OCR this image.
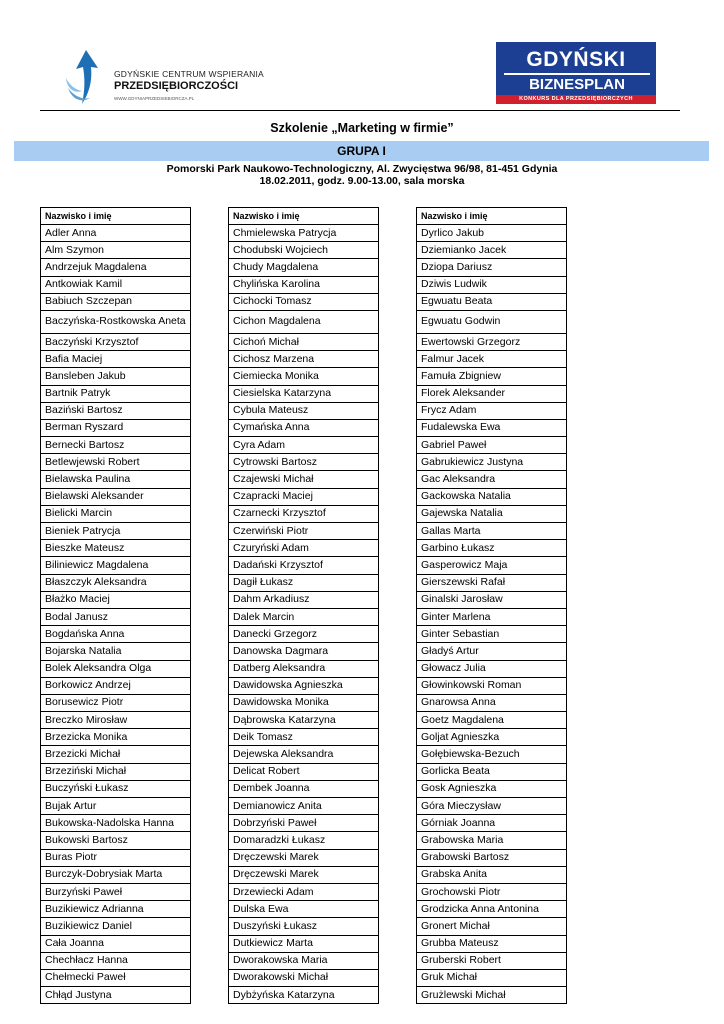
GDYŃSKIE CENTRUM WSPIERANIA
PRZEDSIĘBIORCZOŚCI
WWW.GDYNIAPRZEDSIEBIORCZA.PL
GDYŃSKI
BIZNESPLAN
KONKURS DLA PRZEDSIĘBIORCZYCH
Szkolenie „Marketing w firmie”
GRUPA I
Pomorski Park Naukowo-Technologiczny, Al. Zwycięstwa 96/98, 81-451 Gdynia
18.02.2011, godz. 9.00-13.00, sala morska
Nazwisko i imię
Adler Anna
Alm Szymon
Andrzejuk Magdalena
Antkowiak Kamil
Babiuch Szczepan
Baczyńska-Rostkowska Aneta
Baczyński Krzysztof
Bafia Maciej
Bansleben Jakub
Bartnik Patryk
Baziński Bartosz
Berman Ryszard
Bernecki Bartosz
Betlewjewski Robert
Bielawska Paulina
Bielawski Aleksander
Bielicki Marcin
Bieniek Patrycja
Bieszke Mateusz
Biliniewicz Magdalena
Błaszczyk Aleksandra
Błażko Maciej
Bodal Janusz
Bogdańska Anna
Bojarska Natalia
Bolek Aleksandra Olga
Borkowicz Andrzej
Borusewicz Piotr
Breczko Mirosław
Brzezicka Monika
Brzezicki Michał
Brzeziński Michał
Buczyński Łukasz
Bujak Artur
Bukowska-Nadolska Hanna
Bukowski Bartosz
Buras Piotr
Burczyk-Dobrysiak Marta
Burzyński Paweł
Buzikiewicz Adrianna
Buzikiewicz Daniel
Cała Joanna
Chechłacz Hanna
Chełmecki Paweł
Chłąd Justyna
Nazwisko i imię
Chmielewska Patrycja
Chodubski Wojciech
Chudy Magdalena
Chylińska Karolina
Cichocki Tomasz
Cichon Magdalena
Cichoń Michał
Cichosz Marzena
Ciemiecka Monika
Ciesielska Katarzyna
Cybula Mateusz
Cymańska Anna
Cyra Adam
Cytrowski Bartosz
Czajewski Michał
Czapracki Maciej
Czarnecki Krzysztof
Czerwiński Piotr
Czuryński Adam
Dadański Krzysztof
Dagił Łukasz
Dahm Arkadiusz
Dalek Marcin
Danecki Grzegorz
Danowska Dagmara
Datberg Aleksandra
Dawidowska Agnieszka
Dawidowska Monika
Dąbrowska Katarzyna
Deik Tomasz
Dejewska Aleksandra
Delicat Robert
Dembek Joanna
Demianowicz Anita
Dobrzyński Paweł
Domaradzki Łukasz
Dręczewski Marek
Dręczewski Marek
Drzewiecki Adam
Dulska Ewa
Duszyński Łukasz
Dutkiewicz Marta
Dworakowska Maria
Dworakowski Michał
Dybżyńska Katarzyna
Nazwisko i imię
Dyrlico Jakub
Dziemianko Jacek
Dziopa Dariusz
Dziwis Ludwik
Egwuatu Beata
Egwuatu Godwin
Ewertowski Grzegorz
Falmur Jacek
Famuła Zbigniew
Florek Aleksander
Frycz Adam
Fudalewska Ewa
Gabriel Paweł
Gabrukiewicz Justyna
Gac Aleksandra
Gackowska Natalia
Gajewska Natalia
Gallas Marta
Garbino Łukasz
Gasperowicz Maja
Gierszewski Rafał
Ginalski Jarosław
Ginter Marlena
Ginter Sebastian
Gładyś Artur
Głowacz Julia
Głowinkowski Roman
Gnarowsa Anna
Goetz Magdalena
Goljat Agnieszka
Gołębiewska-Bezuch
Gorlicka Beata
Gosk Agnieszka
Góra Mieczysław
Górniak Joanna
Grabowska Maria
Grabowski Bartosz
Grabska Anita
Grochowski Piotr
Grodzicka Anna Antonina
Gronert Michał
Grubba Mateusz
Gruberski Robert
Gruk Michał
Grużlewski Michał
